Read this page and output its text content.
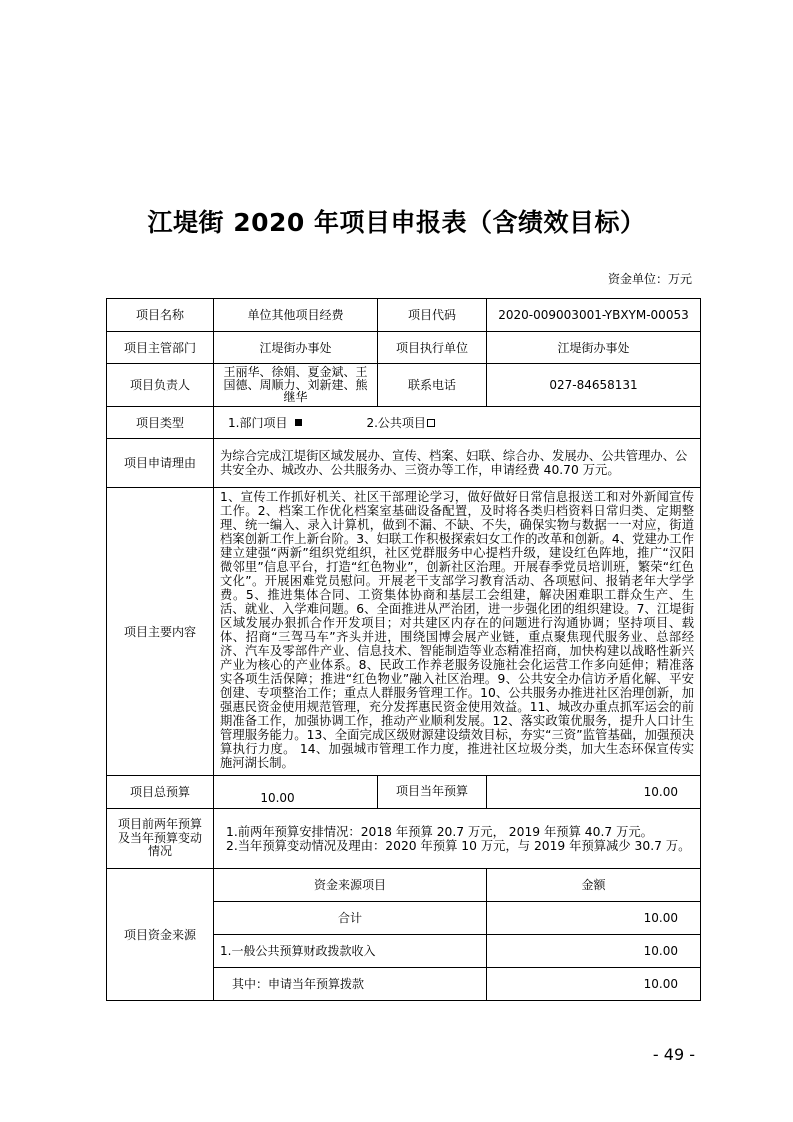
江堤街 2020 年项目申报表（含绩效目标）
资金单位：万元
项目名称	单位其他项目经费	项目代码	2020-009003001-YBXYM-00053
项目主管部门	江堤街办事处	项目执行单位	江堤街办事处
项目负责人	王丽华、徐娟、夏金斌、王国德、周顺力、刘新建、熊继华	联系电话	027-84658131
项目类型	1.部门项目 2.公共项目		
项目申请理由	为综合完成江堤街区域发展办、宣传、档案、妇联、综合办、发展办、公共管理办、公共安全办、城改办、公共服务办、三资办等工作，申请经费 40.70 万元。		
项目主要内容	1、宣传工作抓好机关、社区干部理论学习，做好做好日常信息报送工和对外新闻宣传工作。2、档案工作优化档案室基础设备配置，及时将各类归档资料日常归类、定期整理、统一编入、录入计算机，做到不漏、不缺、不失，确保实物与数据一一对应，街道档案创新工作上新台阶。3、妇联工作积极探索妇女工作的改革和创新。4、党建办工作建立建强“两新”组织党组织，社区党群服务中心提档升级，建设红色阵地，推广“汉阳微邻里”信息平台，打造“红色物业”，创新社区治理。开展春季党员培训班，繁荣“红色文化”。开展困难党员慰问。开展老干支部学习教育活动、各项慰问、报销老年大学学费。5、推进集体合同、工资集体协商和基层工会组建，解决困难职工群众生产、生活、就业、入学难问题。6、全面推进从严治团，进一步强化团的组织建设。7、江堤街区域发展办狠抓合作开发项目；对共建区内存在的问题进行沟通协调；坚持项目、载体、招商“三驾马车”齐头并进，围绕国博会展产业链，重点聚焦现代服务业、总部经济、汽车及零部件产业、信息技术、智能制造等业态精准招商，加快构建以战略性新兴产业为核心的产业体系。8、民政工作养老服务设施社会化运营工作多向延伸；精准落实各项生活保障；推进“红色物业”融入社区治理。9、公共安全办信访矛盾化解、平安创建、专项整治工作；重点人群服务管理工作。10、公共服务办推进社区治理创新，加强惠民资金使用规范管理，充分发挥惠民资金使用效益。11、城改办重点抓军运会的前期准备工作，加强协调工作，推动产业顺利发展。12、落实政策优服务，提升人口计生管理服务能力。13、全面完成区级财源建设绩效目标，夯实“三资”监管基础，加强预决算执行力度。 14、加强城市管理工作力度，推进社区垃圾分类，加大生态环保宣传实施河湖长制。		
项目总预算	10.00	项目当年预算	10.00
项目前两年预算及当年预算变动情况	1.前两年预算安排情况：2018 年预算 20.7 万元， 2019 年预算 40.7 万元。
2.当年预算变动情况及理由：2020 年预算 10 万元，与 2019 年预算减少 30.7 万。		

项目资金来源	资金来源项目		金额
	合计		10.00
	1.一般公共预算财政拨款收入		10.00
	其中：申请当年预算拨款		10.00
- 49 -
